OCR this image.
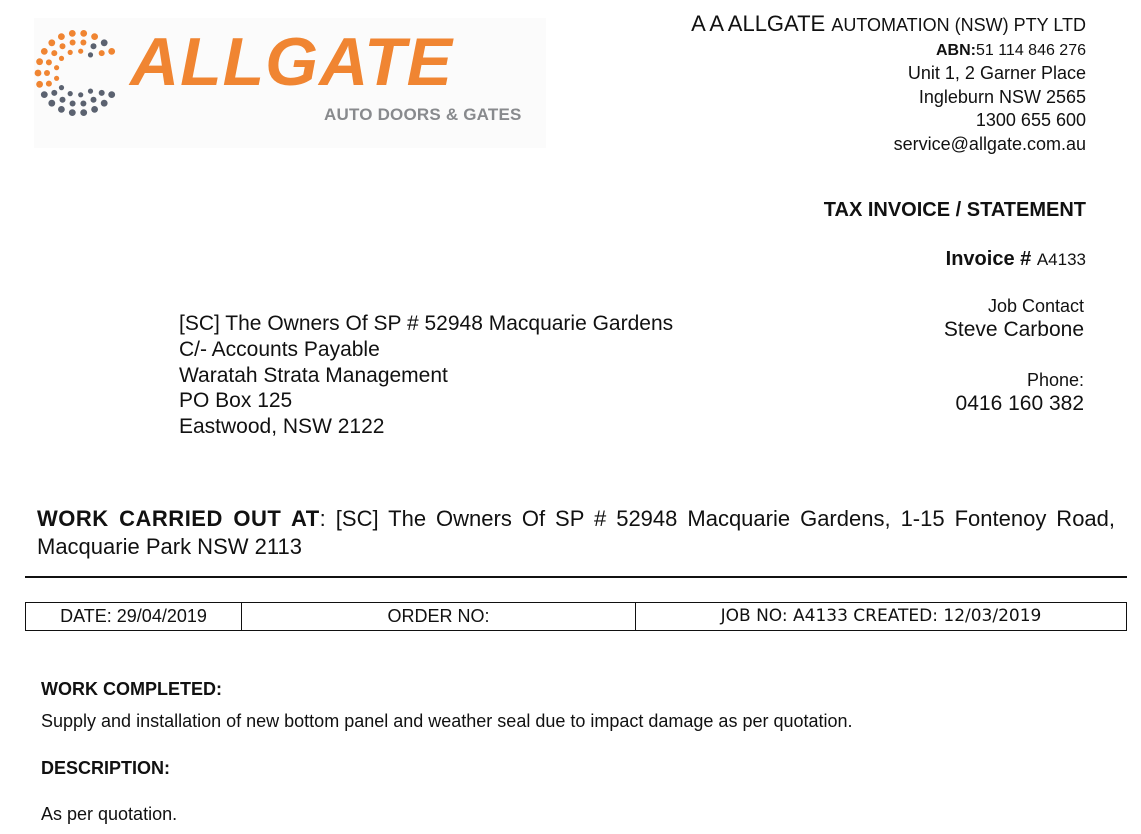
ALLGATE
AUTO DOORS & GATES
A A ALLGATE AUTOMATION (NSW) PTY LTD
ABN:51 114 846 276
Unit 1, 2 Garner Place
Ingleburn NSW 2565
1300 655 600
service@allgate.com.au
TAX INVOICE / STATEMENT
Invoice # A4133
Job Contact
Steve Carbone
Phone:
0416 160 382
[SC] The Owners Of SP # 52948 Macquarie Gardens
C/- Accounts Payable
Waratah Strata Management
PO Box 125
Eastwood, NSW 2122
WORK CARRIED OUT AT: [SC] The Owners Of SP # 52948 Macquarie Gardens, 1-15 Fontenoy Road, Macquarie Park NSW 2113
DATE: 29/04/2019	ORDER NO:	JOB NO: A4133 CREATED: 12/03/2019
WORK COMPLETED:
Supply and installation of new bottom panel and weather seal due to impact damage as per quotation.
DESCRIPTION:
As per quotation.
